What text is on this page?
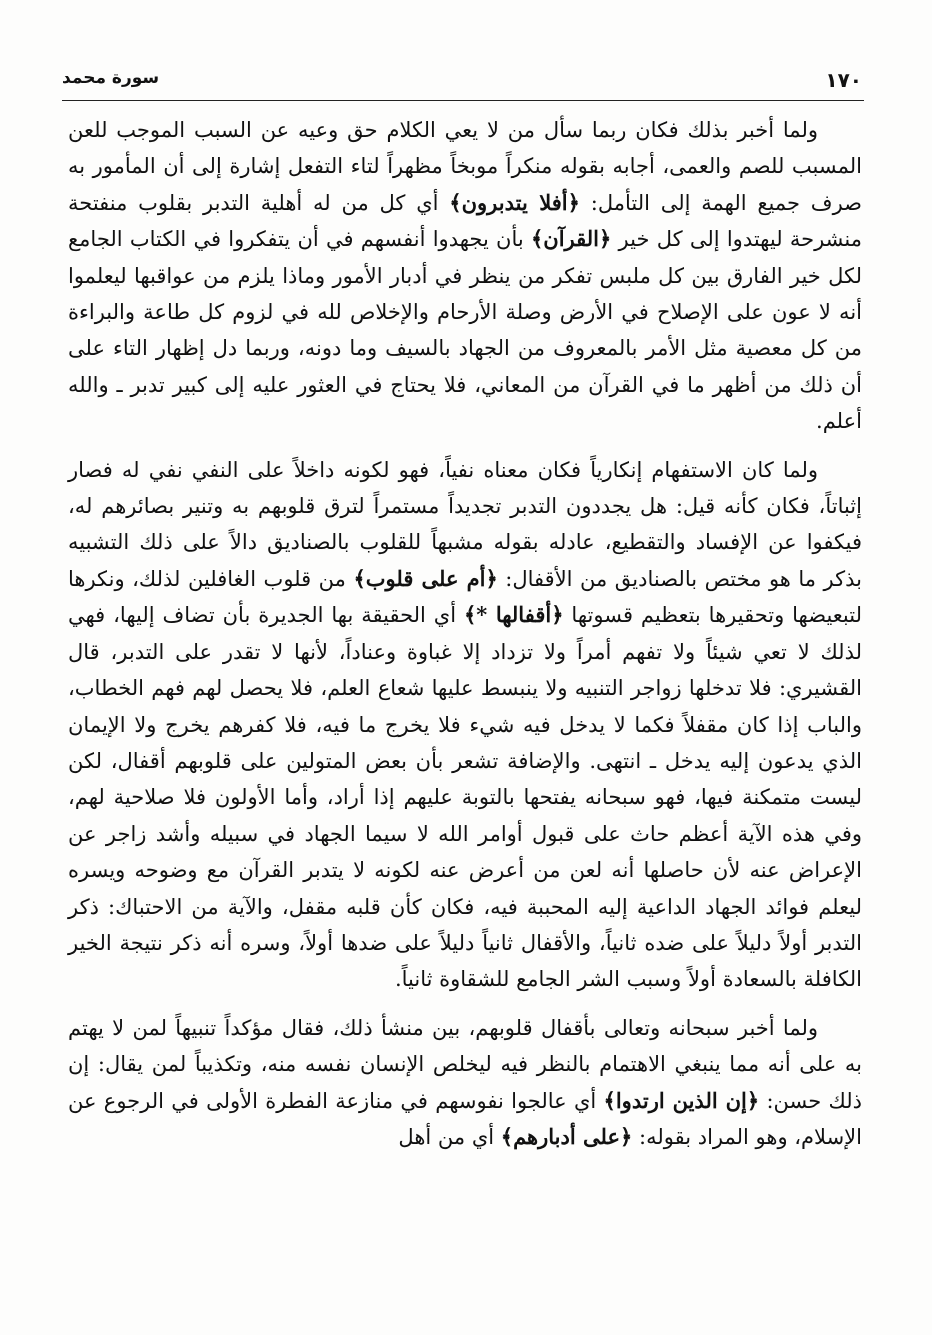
١٧٠
سورة محمد

ولما أخبر بذلك فكان ربما سأل من لا يعي الكلام حق وعيه عن السبب الموجب للعن المسبب للصم والعمى، أجابه بقوله منكراً موبخاً مظهراً لتاء التفعل إشارة إلى أن المأمور به صرف جميع الهمة إلى التأمل: ﴿أفلا يتدبرون﴾ أي كل من له أهلية التدبر بقلوب منفتحة منشرحة ليهتدوا إلى كل خير ﴿القرآن﴾ بأن يجهدوا أنفسهم في أن يتفكروا في الكتاب الجامع لكل خير الفارق بين كل ملبس تفكر من ينظر في أدبار الأمور وماذا يلزم من عواقبها ليعلموا أنه لا عون على الإصلاح في الأرض وصلة الأرحام والإخلاص لله في لزوم كل طاعة والبراءة من كل معصية مثل الأمر بالمعروف من الجهاد بالسيف وما دونه، وربما دل إظهار التاء على أن ذلك من أظهر ما في القرآن من المعاني، فلا يحتاج في العثور عليه إلى كبير تدبر ـ والله أعلم.

ولما كان الاستفهام إنكارياً فكان معناه نفياً، فهو لكونه داخلاً على النفي نفي له فصار إثباتاً، فكان كأنه قيل: هل يجددون التدبر تجديداً مستمراً لترق قلوبهم به وتنير بصائرهم له، فيكفوا عن الإفساد والتقطيع، عادله بقوله مشبهاً للقلوب بالصناديق دالاً على ذلك التشبيه بذكر ما هو مختص بالصناديق من الأقفال: ﴿أم على قلوب﴾ من قلوب الغافلين لذلك، ونكرها لتبعيضها وتحقيرها بتعظيم قسوتها ﴿أقفالها *﴾ أي الحقيقة بها الجديرة بأن تضاف إليها، فهي لذلك لا تعي شيئاً ولا تفهم أمراً ولا تزداد إلا غباوة وعناداً، لأنها لا تقدر على التدبر، قال القشيري: فلا تدخلها زواجر التنبيه ولا ينبسط عليها شعاع العلم، فلا يحصل لهم فهم الخطاب، والباب إذا كان مقفلاً فكما لا يدخل فيه شيء فلا يخرج ما فيه، فلا كفرهم يخرج ولا الإيمان الذي يدعون إليه يدخل ـ انتهى. والإضافة تشعر بأن بعض المتولين على قلوبهم أقفال، لكن ليست متمكنة فيها، فهو سبحانه يفتحها بالتوبة عليهم إذا أراد، وأما الأولون فلا صلاحية لهم، وفي هذه الآية أعظم حاث على قبول أوامر الله لا سيما الجهاد في سبيله وأشد زاجر عن الإعراض عنه لأن حاصلها أنه لعن من أعرض عنه لكونه لا يتدبر القرآن مع وضوحه ويسره ليعلم فوائد الجهاد الداعية إليه المحببة فيه، فكان كأن قلبه مقفل، والآية من الاحتباك: ذكر التدبر أولاً دليلاً على ضده ثانياً، والأقفال ثانياً دليلاً على ضدها أولاً، وسره أنه ذكر نتيجة الخير الكافلة بالسعادة أولاً وسبب الشر الجامع للشقاوة ثانياً.

ولما أخبر سبحانه وتعالى بأقفال قلوبهم، بين منشأ ذلك، فقال مؤكداً تنبيهاً لمن لا يهتم به على أنه مما ينبغي الاهتمام بالنظر فيه ليخلص الإنسان نفسه منه، وتكذيباً لمن يقال: إن ذلك حسن: ﴿إن الذين ارتدوا﴾ أي عالجوا نفوسهم في منازعة الفطرة الأولى في الرجوع عن الإسلام، وهو المراد بقوله: ﴿على أدبارهم﴾ أي من أهل
